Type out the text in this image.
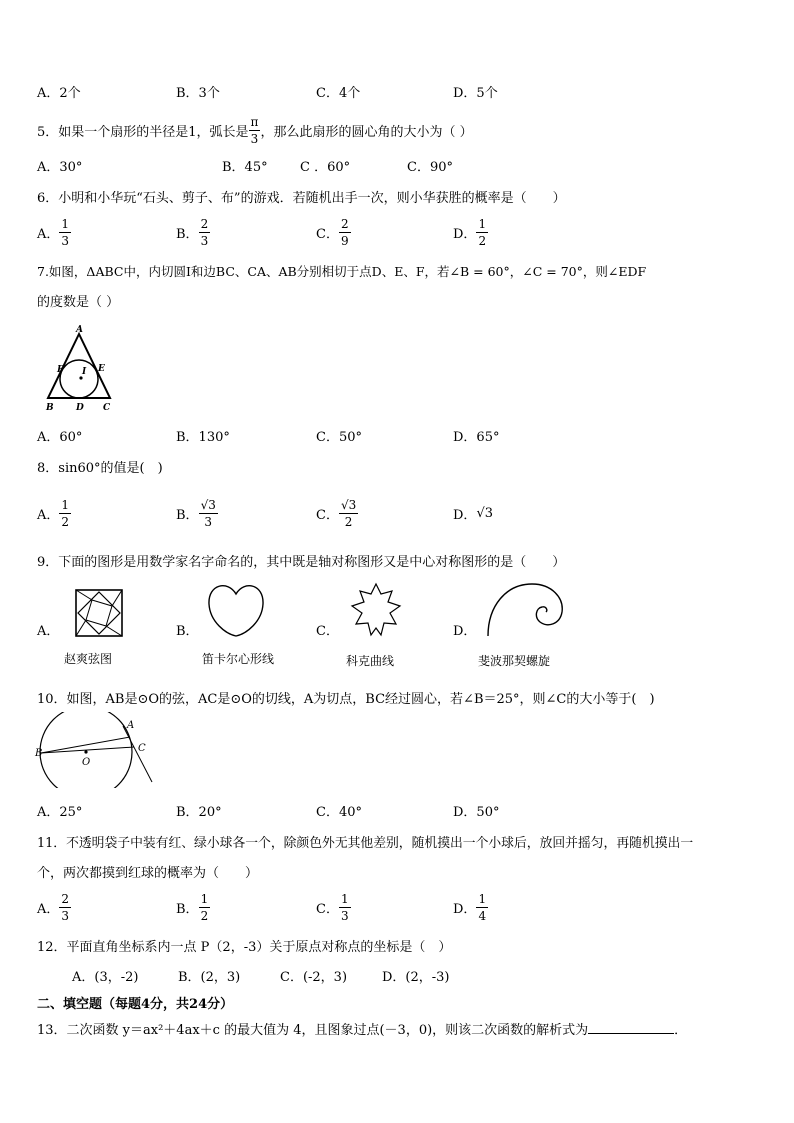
A．2个	B．3个	C．4个	D．5个
5．如果一个扇形的半径是1，弧长是 $\frac{\pi}{3}$ ，那么此扇形的圆心角的大小为（ ）
A．30°	B．45° C ．60°	C．90°
6．小明和小华玩“石头、剪子、布”的游戏．若随机出手一次，则小华获胜的概率是（　　）
A． $\frac{1}{3}$	B． $\frac{2}{3}$	C． $\frac{2}{9}$	D． $\frac{1}{2}$
7.如图，ΔABC中，内切圆I和边BC、CA、AB分别相切于点D、E、F，若∠B = 60°，∠C = 70°，则∠EDF
的度数是（ ）
A
F I E
B D C
A．60°	B．130°	C．50°	D．65°
8．sin60°的值是(　)
A． $\frac{1}{2}$	B． $\frac{√3}{3}$	C． $\frac{√3}{2}$	D． √3
9．下面的图形是用数学家名字命名的，其中既是轴对称图形又是中心对称图形的是（　　）
A．	B．	C．	D．
赵爽弦图	笛卡尔心形线	科克曲线	斐波那契螺旋
10．如图，AB是⊙O的弦，AC是⊙O的切线，A为切点，BC经过圆心，若∠B＝25°，则∠C的大小等于(　)
A
B
O
C
A．25°	B．20°	C．40°	D．50°
11．不透明袋子中装有红、绿小球各一个，除颜色外无其他差别，随机摸出一个小球后，放回并摇匀，再随机摸出一
个，两次都摸到红球的概率为（　　）
A． $\frac{2}{3}$	B． $\frac{1}{2}$	C． $\frac{1}{3}$	D． $\frac{1}{4}$
12．平面直角坐标系内一点 P（2，-3）关于原点对称点的坐标是（　）
A．(3，-2)	B．(2，3)	C．(-2，3)	D．(2，-3)
二、填空题（每题4分，共24分）
13．二次函数 y＝ax²＋4ax＋c 的最大值为 4，且图象过点(－3，0)，则该二次函数的解析式为	．
